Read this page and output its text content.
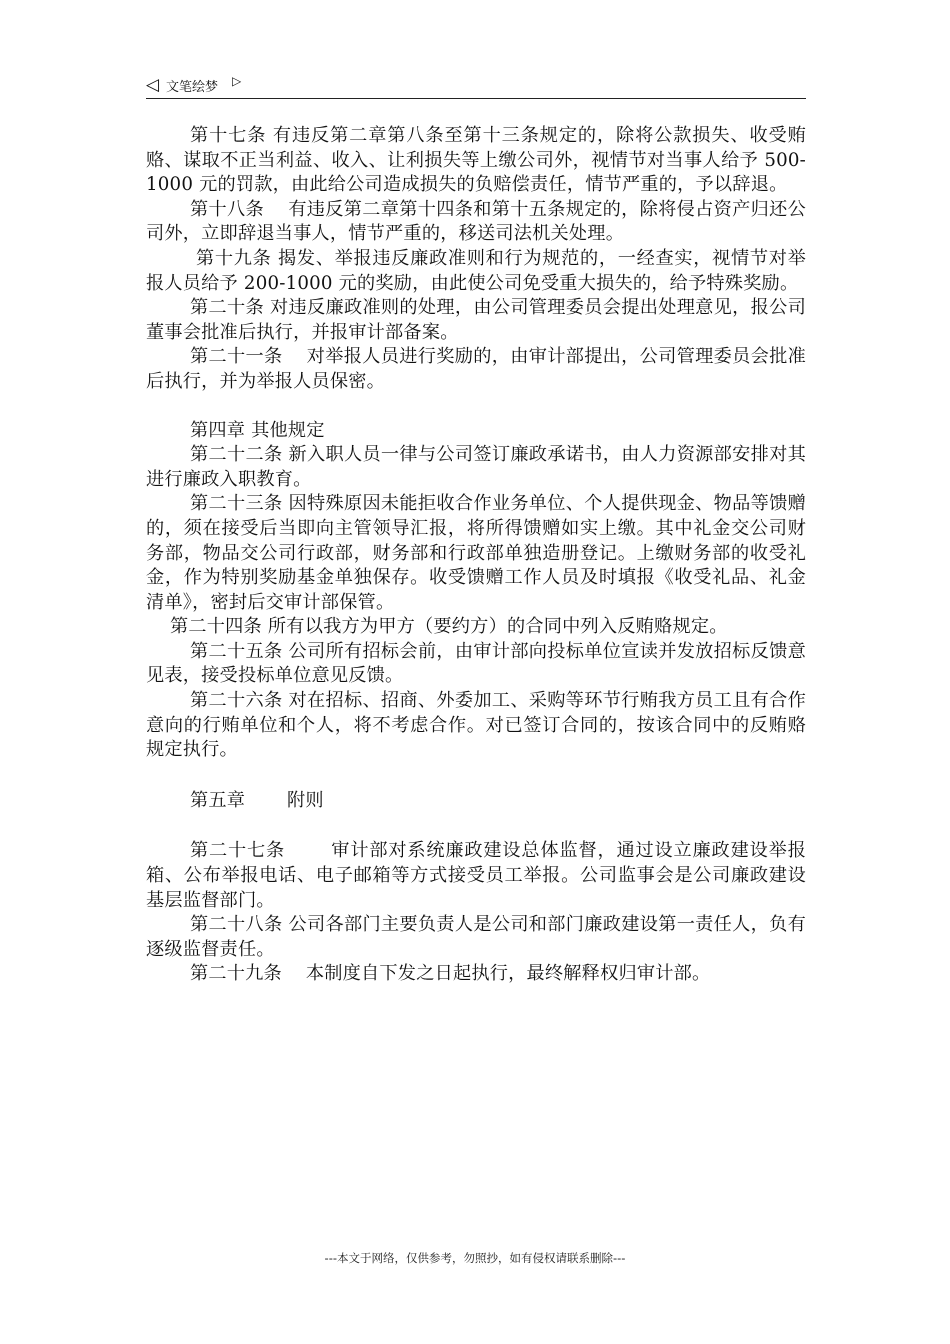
◁ 文笔绘梦 ▷

第十七条 有违反第二章第八条至第十三条规定的，除将公款损失、收受贿赂、谋取不正当利益、收入、让利损失等上缴公司外，视情节对当事人给予 500-1000 元的罚款，由此给公司造成损失的负赔偿责任，情节严重的，予以辞退。

第十八条    有违反第二章第十四条和第十五条规定的，除将侵占资产归还公司外，立即辞退当事人，情节严重的，移送司法机关处理。

第十九条 揭发、举报违反廉政准则和行为规范的，一经查实，视情节对举报人员给予 200-1000 元的奖励，由此使公司免受重大损失的，给予特殊奖励。

第二十条 对违反廉政准则的处理，由公司管理委员会提出处理意见，报公司董事会批准后执行，并报审计部备案。

第二十一条    对举报人员进行奖励的，由审计部提出，公司管理委员会批准后执行，并为举报人员保密。

第四章 其他规定

第二十二条 新入职人员一律与公司签订廉政承诺书，由人力资源部安排对其进行廉政入职教育。

第二十三条 因特殊原因未能拒收合作业务单位、个人提供现金、物品等馈赠的，须在接受后当即向主管领导汇报，将所得馈赠如实上缴。其中礼金交公司财务部，物品交公司行政部，财务部和行政部单独造册登记。上缴财务部的收受礼金，作为特别奖励基金单独保存。收受馈赠工作人员及时填报《收受礼品、礼金清单》，密封后交审计部保管。

第二十四条 所有以我方为甲方（要约方）的合同中列入反贿赂规定。

第二十五条 公司所有招标会前，由审计部向投标单位宣读并发放招标反馈意见表，接受投标单位意见反馈。

第二十六条 对在招标、招商、外委加工、采购等环节行贿我方员工且有合作意向的行贿单位和个人，将不考虑合作。对已签订合同的，按该合同中的反贿赂规定执行。

第五章       附则

第二十七条       审计部对系统廉政建设总体监督，通过设立廉政建设举报箱、公布举报电话、电子邮箱等方式接受员工举报。公司监事会是公司廉政建设基层监督部门。

第二十八条 公司各部门主要负责人是公司和部门廉政建设第一责任人，负有逐级监督责任。

第二十九条    本制度自下发之日起执行，最终解释权归审计部。

---本文于网络，仅供参考，勿照抄，如有侵权请联系删除---
